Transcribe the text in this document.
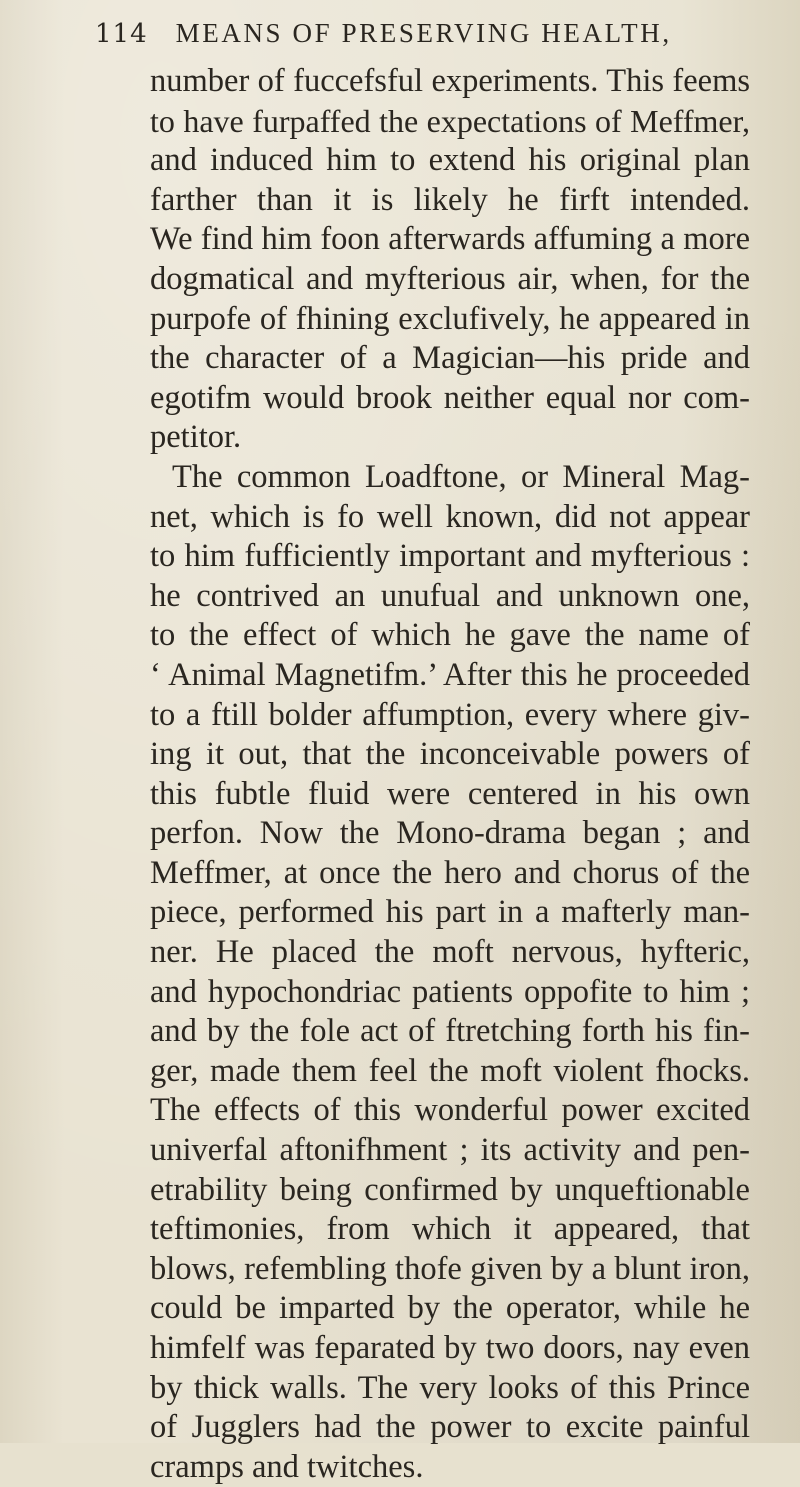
114 MEANS OF PRESERVING HEALTH,
number of fuccefsful experiments. This feems
to have furpaffed the expectations of Meffmer,
and induced him to extend his original plan
farther than it is likely he firft intended.
We find him foon afterwards affuming a more
dogmatical and myfterious air, when, for the
purpofe of fhining exclufively, he appeared in
the character of a Magician—his pride and
egotifm would brook neither equal nor com-
petitor.
The common Loadftone, or Mineral Mag-
net, which is fo well known, did not appear
to him fufficiently important and myfterious :
he contrived an unufual and unknown one,
to the effect of which he gave the name of
‘ Animal Magnetifm.’ After this he proceeded
to a ftill bolder affumption, every where giv-
ing it out, that the inconceivable powers of
this fubtle fluid were centered in his own
perfon. Now the Mono-drama began ; and
Meffmer, at once the hero and chorus of the
piece, performed his part in a mafterly man-
ner. He placed the moft nervous, hyfteric,
and hypochondriac patients oppofite to him ;
and by the fole act of ftretching forth his fin-
ger, made them feel the moft violent fhocks.
The effects of this wonderful power excited
univerfal aftonifhment ; its activity and pen-
etrability being confirmed by unqueftionable
teftimonies, from which it appeared, that
blows, refembling thofe given by a blunt iron,
could be imparted by the operator, while he
himfelf was feparated by two doors, nay even
by thick walls. The very looks of this Prince
of Jugglers had the power to excite painful
cramps and twitches.
